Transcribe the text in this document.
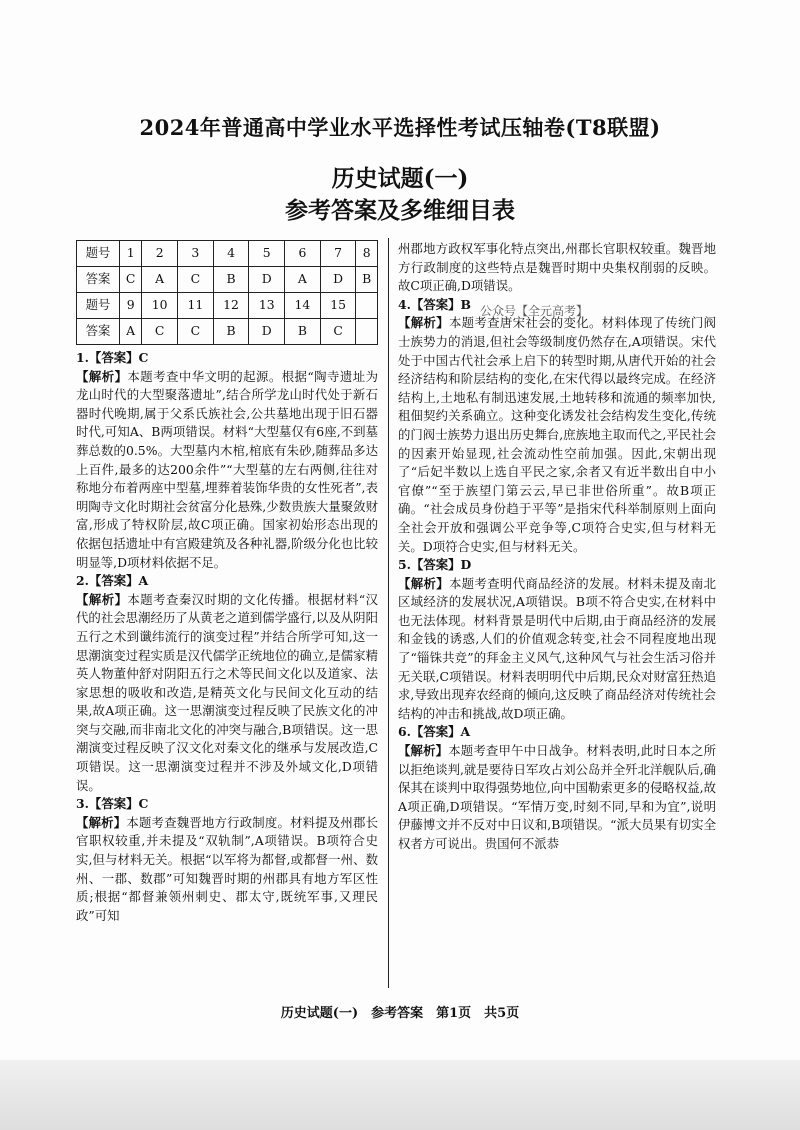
2024年普通高中学业水平选择性考试压轴卷(T8联盟)
历史试题(一)
参考答案及多维细目表
题号	1	2	3	4	5	6	7	8
答案	C	A	C	B	D	A	D	B
题号	9	10	11	12	13	14	15	
答案	A	C	C	B	D	B	C	

1.【答案】C
【解析】本题考查中华文明的起源。根据“陶寺遗址为龙山时代的大型聚落遗址”,结合所学龙山时代处于新石器时代晚期,属于父系氏族社会,公共墓地出现于旧石器时代,可知A、B两项错误。材料“大型墓仅有6座,不到墓葬总数的0.5%。大型墓内木棺,棺底有朱砂,随葬品多达上百件,最多的达200余件”“大型墓的左右两侧,往往对称地分布着两座中型墓,埋葬着装饰华贵的女性死者”,表明陶寺文化时期社会贫富分化悬殊,少数贵族大量聚敛财富,形成了特权阶层,故C项正确。国家初始形态出现的依据包括遗址中有宫殿建筑及各种礼器,阶级分化也比较明显等,D项材料依据不足。

2.【答案】A
【解析】本题考查秦汉时期的文化传播。根据材料“汉代的社会思潮经历了从黄老之道到儒学盛行,以及从阴阳五行之术到谶纬流行的演变过程”并结合所学可知,这一思潮演变过程实质是汉代儒学正统地位的确立,是儒家精英人物董仲舒对阴阳五行之术等民间文化以及道家、法家思想的吸收和改造,是精英文化与民间文化互动的结果,故A项正确。这一思潮演变过程反映了民族文化的冲突与交融,而非南北文化的冲突与融合,B项错误。这一思潮演变过程反映了汉文化对秦文化的继承与发展改造,C项错误。这一思潮演变过程并不涉及外域文化,D项错误。

3.【答案】C
【解析】本题考查魏晋地方行政制度。材料提及州郡长官职权较重,并未提及“双轨制”,A项错误。B项符合史实,但与材料无关。根据“以军将为都督,或都督一州、数州、一郡、数郡”可知魏晋时期的州郡具有地方军区性质;根据“都督兼领州刺史、郡太守,既统军事,又理民政”可知

州郡地方政权军事化特点突出,州郡长官职权较重。魏晋地方行政制度的这些特点是魏晋时期中央集权削弱的反映。故C项正确,D项错误。

4.【答案】B
【解析】本题考查唐宋社会的变化。材料体现了传统门阀士族势力的消退,但社会等级制度仍然存在,A项错误。宋代处于中国古代社会承上启下的转型时期,从唐代开始的社会经济结构和阶层结构的变化,在宋代得以最终完成。在经济结构上,土地私有制迅速发展,土地转移和流通的频率加快,租佃契约关系确立。这种变化诱发社会结构发生变化,传统的门阀士族势力退出历史舞台,庶族地主取而代之,平民社会的因素开始显现,社会流动性空前加强。因此,宋朝出现了“后妃半数以上选自平民之家,余者又有近半数出自中小官僚”“至于族望门第云云,早已非世俗所重”。故B项正确。“社会成员身份趋于平等”是指宋代科举制原则上面向全社会开放和强调公平竞争等,C项符合史实,但与材料无关。D项符合史实,但与材料无关。

5.【答案】D
【解析】本题考查明代商品经济的发展。材料未提及南北区域经济的发展状况,A项错误。B项不符合史实,在材料中也无法体现。材料背景是明代中后期,由于商品经济的发展和金钱的诱惑,人们的价值观念转变,社会不同程度地出现了“锱铢共竞”的拜金主义风气,这种风气与社会生活习俗并无关联,C项错误。材料表明明代中后期,民众对财富狂热追求,导致出现弃农经商的倾向,这反映了商品经济对传统社会结构的冲击和挑战,故D项正确。

6.【答案】A
【解析】本题考查甲午中日战争。材料表明,此时日本之所以拒绝谈判,就是要待日军攻占刘公岛并全歼北洋舰队后,确保其在谈判中取得强势地位,向中国勒索更多的侵略权益,故A项正确,D项错误。“军情万变,时刻不同,早和为宜”,说明伊藤博文并不反对中日议和,B项错误。“派大员果有切实全权者方可说出。贵国何不派恭

公众号【全元高考】
历史试题(一)　参考答案　第1页　共5页
